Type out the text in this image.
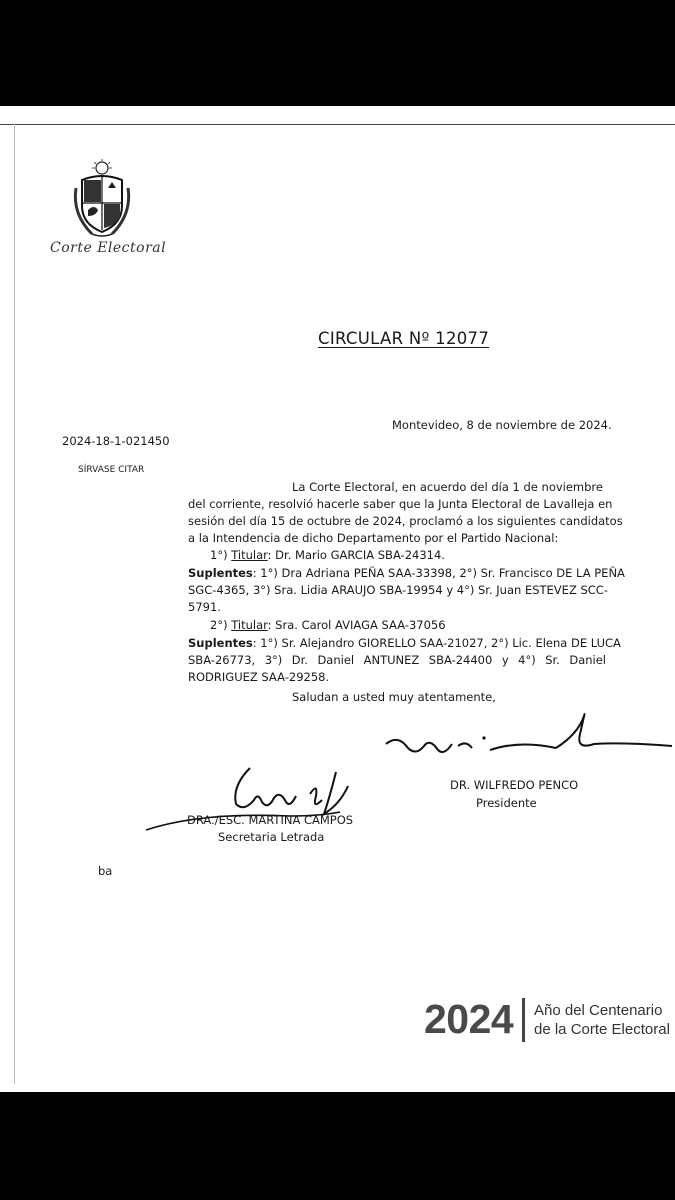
Corte Electoral
CIRCULAR Nº 12077
Montevideo, 8 de noviembre de 2024.
2024-18-1-021450
SÍRVASE CITAR
La Corte Electoral, en acuerdo del día 1 de noviembre
del corriente, resolvió hacerle saber que la Junta Electoral de Lavalleja en
sesión del día 15 de octubre de 2024, proclamó a los siguientes candidatos
a la Intendencia de dicho Departamento por el Partido Nacional:
1°) Titular: Dr. Mario GARCIA SBA-24314.
Suplentes: 1°) Dra Adriana PEÑA SAA-33398, 2°) Sr. Francisco DE LA PEÑA
SGC-4365, 3°) Sra. Lidia ARAUJO SBA-19954 y 4°) Sr. Juan ESTEVEZ SCC-
5791.
2°) Titular: Sra. Carol AVIAGA SAA-37056
Suplentes: 1°) Sr. Alejandro GIORELLO SAA-21027, 2°) Lic. Elena DE LUCA
SBA-26773, 3°) Dr. Daniel ANTUNEZ SBA-24400 y 4°) Sr. Daniel
RODRIGUEZ SAA-29258.
Saludan a usted muy atentamente,
DR. WILFREDO PENCO
Presidente
DRA./ESC. MARTINA CAMPOS
Secretaria Letrada
ba
2024 Año del Centenario
de la Corte Electoral
